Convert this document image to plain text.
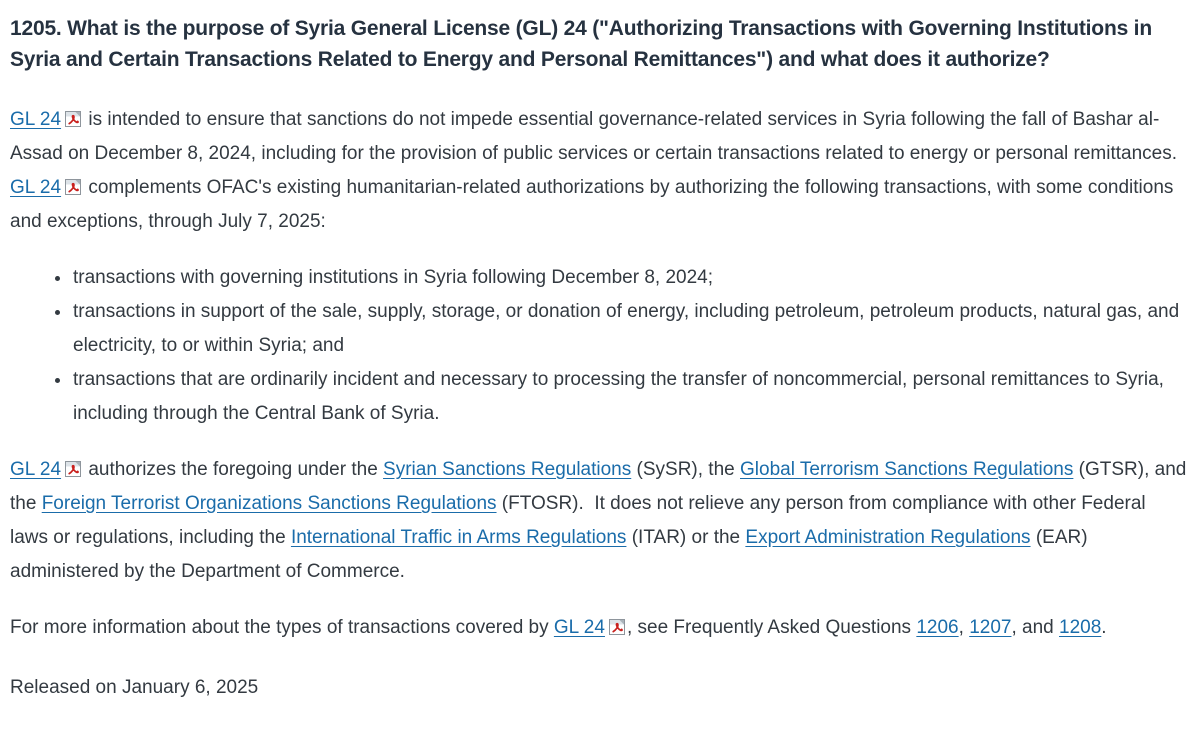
1205. What is the purpose of Syria General License (GL) 24 ("Authorizing Transactions with Governing Institutions in Syria and Certain Transactions Related to Energy and Personal Remittances") and what does it authorize?

GL 24 is intended to ensure that sanctions do not impede essential governance-related services in Syria following the fall of Bashar al-Assad on December 8, 2024, including for the provision of public services or certain transactions related to energy or personal remittances.  GL 24 complements OFAC's existing humanitarian-related authorizations by authorizing the following transactions, with some conditions and exceptions, through July 7, 2025:

• transactions with governing institutions in Syria following December 8, 2024;
• transactions in support of the sale, supply, storage, or donation of energy, including petroleum, petroleum products, natural gas, and electricity, to or within Syria; and
• transactions that are ordinarily incident and necessary to processing the transfer of noncommercial, personal remittances to Syria, including through the Central Bank of Syria.

GL 24 authorizes the foregoing under the Syrian Sanctions Regulations (SySR), the Global Terrorism Sanctions Regulations (GTSR), and the Foreign Terrorist Organizations Sanctions Regulations (FTOSR).  It does not relieve any person from compliance with other Federal laws or regulations, including the International Traffic in Arms Regulations (ITAR) or the Export Administration Regulations (EAR) administered by the Department of Commerce.

For more information about the types of transactions covered by GL 24 , see Frequently Asked Questions 1206, 1207, and 1208.

Released on January 6, 2025
